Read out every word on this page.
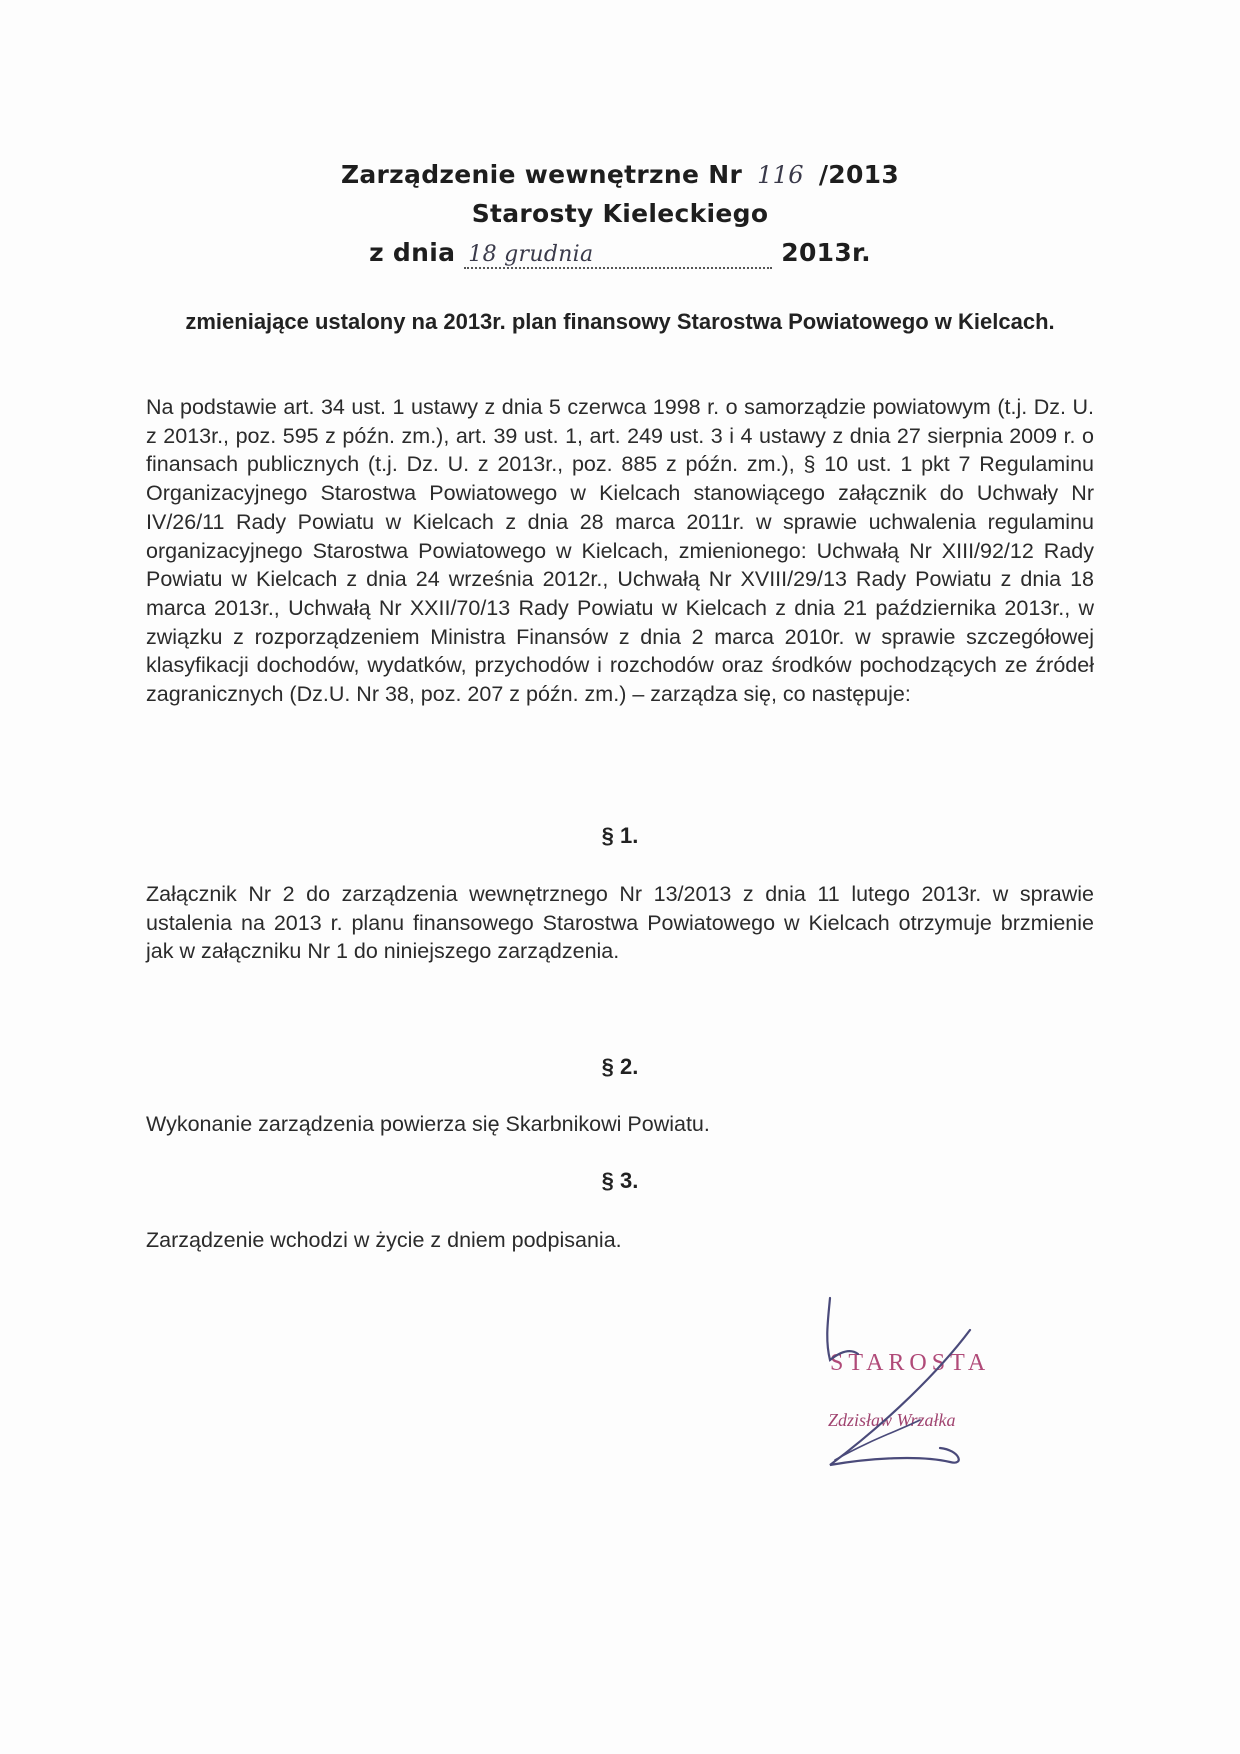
Zarządzenie wewnętrzne Nr 116 /2013
Starosty Kieleckiego
z dnia 18 grudnia	2013r.
zmieniające ustalony na 2013r. plan finansowy Starostwa Powiatowego w Kielcach.
Na podstawie art. 34 ust. 1 ustawy z dnia 5 czerwca 1998 r. o samorządzie powiatowym (t.j. Dz. U. z 2013r., poz. 595 z późn. zm.), art. 39 ust. 1, art. 249 ust. 3 i 4 ustawy z dnia 27 sierpnia 2009 r. o finansach publicznych (t.j. Dz. U. z 2013r., poz. 885 z późn. zm.), § 10 ust. 1 pkt 7 Regulaminu Organizacyjnego Starostwa Powiatowego w Kielcach stanowiącego załącznik do Uchwały Nr IV/26/11 Rady Powiatu w Kielcach z dnia 28 marca 2011r. w sprawie uchwalenia regulaminu organizacyjnego Starostwa Powiatowego w Kielcach, zmienionego: Uchwałą Nr XIII/92/12 Rady Powiatu w Kielcach z dnia 24 września 2012r., Uchwałą Nr XVIII/29/13 Rady Powiatu z dnia 18 marca 2013r., Uchwałą Nr XXII/70/13 Rady Powiatu w Kielcach z dnia 21 października 2013r., w związku z rozporządzeniem Ministra Finansów z dnia 2 marca 2010r. w sprawie szczegółowej klasyfikacji dochodów, wydatków, przychodów i rozchodów oraz środków pochodzących ze źródeł zagranicznych (Dz.U. Nr 38, poz. 207 z późn. zm.) – zarządza się, co następuje:
§ 1.
Załącznik Nr 2 do zarządzenia wewnętrznego Nr 13/2013 z dnia 11 lutego 2013r. w sprawie ustalenia na 2013 r. planu finansowego Starostwa Powiatowego w Kielcach otrzymuje brzmienie jak w załączniku Nr 1 do niniejszego zarządzenia.
§ 2.
Wykonanie zarządzenia powierza się Skarbnikowi Powiatu.
§ 3.
Zarządzenie wchodzi w życie z dniem podpisania.
STAROSTA
Zdzisław Wrzałka
